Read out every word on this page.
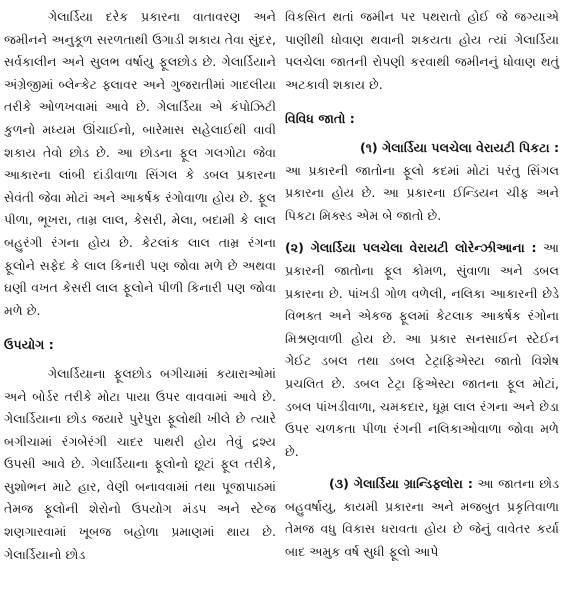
ગેલાર્ડિયા દરેક પ્રકારના વાતાવરણ અને જમીનને અનુકૂળ સરળતાથી ઉગાડી શકાય તેવા સુંદર, સર્વકાલીન અને સુલભ વર્ષાયુ ફૂલછોડ છે. ગેલાર્ડિયાને અંગ્રેજીમાં બ્લેન્કેટ ફ્લાવર અને ગુજરાતીમાં ગાદલીયા તરીકે ઓળખવામાં આવે છે. ગેલાર્ડિયા એ કંપોઝિટી કુળનો મધ્યમ ઊંચાઈનો, બારેમાસ સહેલાઈથી વાવી શકાય તેવો છોડ છે. આ છોડના ફૂલ ગલગોટા જેવા આકારના લાંબી દાંડીવાળા સિંગલ કે ડબલ પ્રકારના સેવંતી જેવા મોટાં અને આકર્ષક રંગોવાળા હોય છે. ફૂલ પીળા, ભૂખરા, તામ્ર લાલ, કેસરી, મેલા, બદામી કે લાલ બહુરંગી રંગના હોય છે. કેટલાંક લાલ તામ્ર રંગના ફૂલોને સફેદ કે લાલ કિનારી પણ જોવા મળે છે અથવા ઘણી વખત કેસરી લાલ ફૂલોને પીળી કિનારી પણ જોવા મળે છે.

ઉપયોગ :

ગેલાર્ડિયાના ફૂલછોડ બગીચામાં કયારાઓમાં અને બોર્ડર તરીકે મોટા પાયા ઉપર વાવવામાં આવે છે. ગેલાર્ડિયાના છોડ જયારે પુરેપુરા ફૂલોથી ખીલે છે ત્યારે બગીચામાં રંગબેરંગી ચાદર પાથરી હોય તેવું દ્રશ્ય ઉપસી આવે છે. ગેલાર્ડિયાના ફૂલોનો છૂટાં ફૂલ તરીકે, સુશોભન માટે હાર, વેણી બનાવવામાં તથા પૂજાપાઠમાં તેમજ ફૂલોની શેરોનો ઉપયોગ મંડપ અને સ્ટેજ શણગારવામાં ખૂબજ બહોળા પ્રમાણમાં થાય છે. ગેલાર્ડિયાનો છોડ

વિકસિત થતાં જમીન પર પથરાતો હોઈ જે જગ્યાએ પાણીથી ધોવાણ થવાની શકયતા હોય ત્યાં ગેલાર્ડિયા પલચેલા જાતની રોપણી કરવાથી જમીનનું ધોવાણ થતું અટકાવી શકાય છે.

વિવિધ જાતો :

(૧) ગેલાર્ડિયા પલચેલા વેરાયટી પિકટા :

આ પ્રકારની જાતોના ફૂલો કદમાં મોટાં પરંતુ સિંગલ પ્રકારના હોય છે. આ પ્રકારના ઈન્ડિયન ચીફ અને પિકટા મિક્સ્ડ એમ બે જાતો છે.

(૨) ગેલાર્ડિયા પલચેલા વેરાયટી લોરેન્ઝીઆના : આ પ્રકારની જાતોના ફૂલ કોમળ, સુંવાળા અને ડબલ પ્રકારના છે. પાંખડી ગોળ વળેલી, નલિકા આકારની છેડે વિભક્ત અને એકજ ફૂલમાં કેટલાક આકર્ષક રંગોના મિશ્રણવાળી હોય છે. આ પ્રકાર સનસાઈન સ્ટેઈન ગેઈટ ડબલ તથા ડબલ ટેટ્રાફિએસ્ટા જાતો વિશેષ પ્રચલિત છે. ડબલ ટેટ્રા ફિએસ્ટા જાતના ફૂલ મોટાં, ડબલ પાંખડીવાળા, ચમકદાર, ધૂમ્ર લાલ રંગના અને છેડા ઉપર ચળકતા પીળા રંગની નલિકાઓવાળા જોવા મળે છે.

(૩) ગેલાર્ડિયા ગ્રાન્ડિફ્લોરા : આ જાતના છોડ બહુવર્ષાયુ, કાયમી પ્રકારના અને મજબુત પ્રકૃતિવાળા તેમજ વધુ વિકાસ ધરાવતા હોય છે જેનું વાવેતર કર્યા બાદ અમુક વર્ષ સુધી ફૂલો આપે
